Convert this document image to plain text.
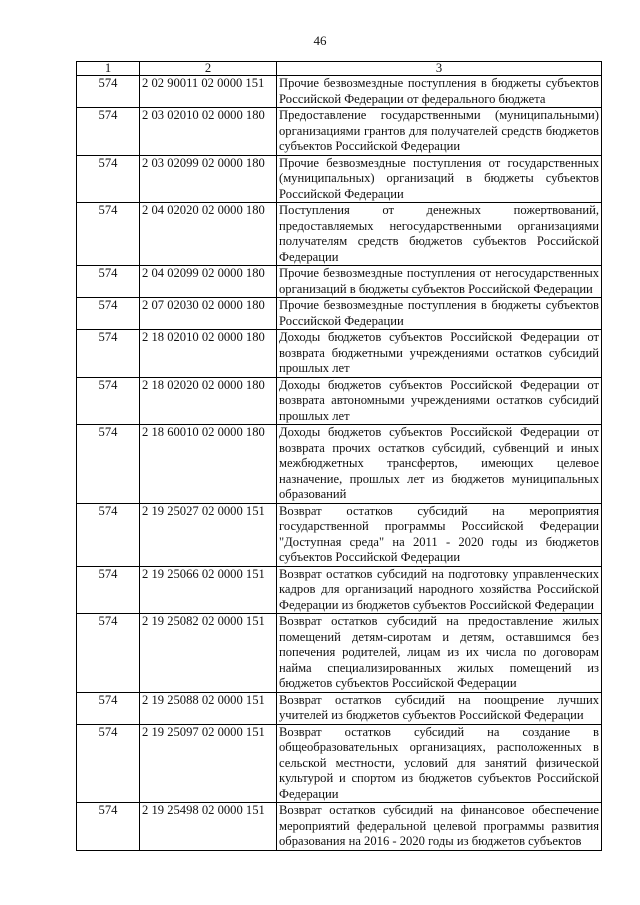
46
1	2	3
574	2 02 90011 02 0000 151	Прочие безвозмездные поступления в бюджеты субъектов Российской Федерации от федерального бюджета
574	2 03 02010 02 0000 180	Предоставление государственными (муниципальными) организациями грантов для получателей средств бюджетов субъектов Российской Федерации
574	2 03 02099 02 0000 180	Прочие безвозмездные поступления от государственных (муниципальных) организаций в бюджеты субъектов Российской Федерации
574	2 04 02020 02 0000 180	Поступления от денежных пожертвований, предоставляемых негосударственными организациями получателям средств бюджетов субъектов Российской Федерации
574	2 04 02099 02 0000 180	Прочие безвозмездные поступления от негосударственных организаций в бюджеты субъектов Российской Федерации
574	2 07 02030 02 0000 180	Прочие безвозмездные поступления в бюджеты субъектов Российской Федерации
574	2 18 02010 02 0000 180	Доходы бюджетов субъектов Российской Федерации от возврата бюджетными учреждениями остатков субсидий прошлых лет
574	2 18 02020 02 0000 180	Доходы бюджетов субъектов Российской Федерации от возврата автономными учреждениями остатков субсидий прошлых лет
574	2 18 60010 02 0000 180	Доходы бюджетов субъектов Российской Федерации от возврата прочих остатков субсидий, субвенций и иных межбюджетных трансфертов, имеющих целевое назначение, прошлых лет из бюджетов муниципальных образований
574	2 19 25027 02 0000 151	Возврат остатков субсидий на мероприятия государственной программы Российской Федерации "Доступная среда" на 2011 - 2020 годы из бюджетов субъектов Российской Федерации
574	2 19 25066 02 0000 151	Возврат остатков субсидий на подготовку управленческих кадров для организаций народного хозяйства Российской Федерации из бюджетов субъектов Российской Федерации
574	2 19 25082 02 0000 151	Возврат остатков субсидий на предоставление жилых помещений детям-сиротам и детям, оставшимся без попечения родителей, лицам из их числа по договорам найма специализированных жилых помещений из бюджетов субъектов Российской Федерации
574	2 19 25088 02 0000 151	Возврат остатков субсидий на поощрение лучших учителей из бюджетов субъектов Российской Федерации
574	2 19 25097 02 0000 151	Возврат остатков субсидий на создание в общеобразовательных организациях, расположенных в сельской местности, условий для занятий физической культурой и спортом из бюджетов субъектов Российской Федерации
574	2 19 25498 02 0000 151	Возврат остатков субсидий на финансовое обеспечение мероприятий федеральной целевой программы развития образования на 2016 - 2020 годы из бюджетов субъектов
